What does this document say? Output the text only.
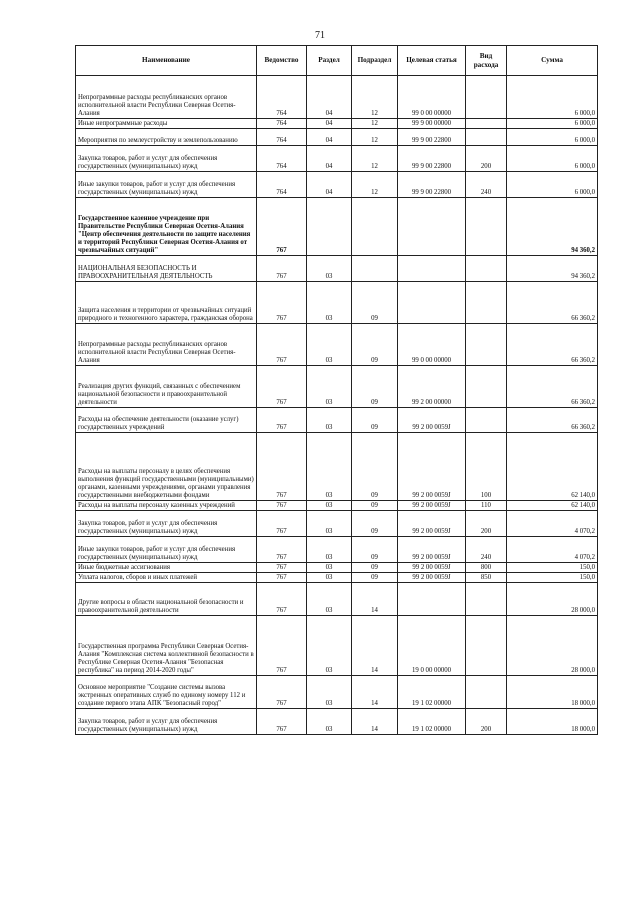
71
Наименование	Ведомство	Раздел	Подраздел	Целевая статья	Вид расхода	Сумма
Непрограммные расходы республиканских органов исполнительной власти Республики Северная Осетия-Алания	764	04	12	99 0 00 00000		6 000,0
Иные непрограммные расходы	764	04	12	99 9 00 00000		6 000,0
Мероприятия по землеустройству и землепользованию	764	04	12	99 9 00 22800		6 000,0
Закупка товаров, работ и услуг для обеспечения государственных (муниципальных) нужд	764	04	12	99 9 00 22800	200	6 000,0
Иные закупки товаров, работ и услуг для обеспечения государственных (муниципальных) нужд	764	04	12	99 9 00 22800	240	6 000,0
Государственное казенное учреждение при Правительстве Республики Северная Осетия-Алания "Центр обеспечения деятельности по защите населения и территорий Республики Северная Осетия-Алания от чрезвычайных ситуаций"	767					94 360,2
НАЦИОНАЛЬНАЯ БЕЗОПАСНОСТЬ И ПРАВООХРАНИТЕЛЬНАЯ ДЕЯТЕЛЬНОСТЬ	767	03				94 360,2
Защита населения и территории от чрезвычайных ситуаций природного и техногенного характера, гражданская оборона	767	03	09			66 360,2
Непрограммные расходы республиканских органов исполнительной власти Республики Северная Осетия-Алания	767	03	09	99 0 00 00000		66 360,2
Реализация других функций, связанных с обеспечением национальной безопасности и правоохранительной деятельности	767	03	09	99 2 00 00000		66 360,2
Расходы на обеспечение деятельности (оказание услуг) государственных учреждений	767	03	09	99 2 00 0059J		66 360,2
Расходы на выплаты персоналу в целях обеспечения выполнения функций государственными (муниципальными) органами, казенными учреждениями, органами управления государственными внебюджетными фондами	767	03	09	99 2 00 0059J	100	62 140,0
Расходы на выплаты персоналу казенных учреждений	767	03	09	99 2 00 0059J	110	62 140,0
Закупка товаров, работ и услуг для обеспечения государственных (муниципальных) нужд	767	03	09	99 2 00 0059J	200	4 070,2
Иные закупки товаров, работ и услуг для обеспечения государственных (муниципальных) нужд	767	03	09	99 2 00 0059J	240	4 070,2
Иные бюджетные ассигнования	767	03	09	99 2 00 0059J	800	150,0
Уплата налогов, сборов и иных платежей	767	03	09	99 2 00 0059J	850	150,0
Другие вопросы в области национальной безопасности и правоохранительной деятельности	767	03	14			28 000,0
Государственная программа Республики Северная Осетия-Алания "Комплексная система коллективной безопасности в Республике Северная Осетия-Алания "Безопасная республика" на период 2014-2020 годы"	767	03	14	19 0 00 00000		28 000,0
Основное мероприятие "Создание системы вызова экстренных оперативных служб по единому номеру 112 и создание первого этапа АПК "Безопасный город"	767	03	14	19 1 02 00000		18 000,0
Закупка товаров, работ и услуг для обеспечения государственных (муниципальных) нужд	767	03	14	19 1 02 00000	200	18 000,0
